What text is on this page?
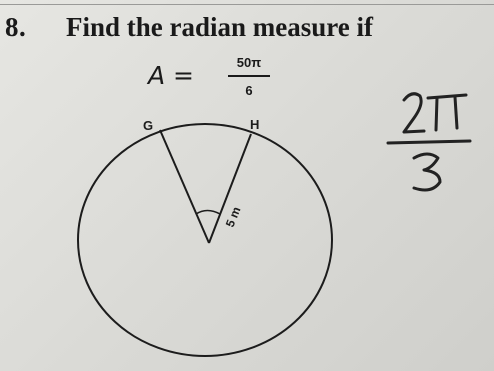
8. Find the radian measure if
A =	50π
6
G	H
5 m
